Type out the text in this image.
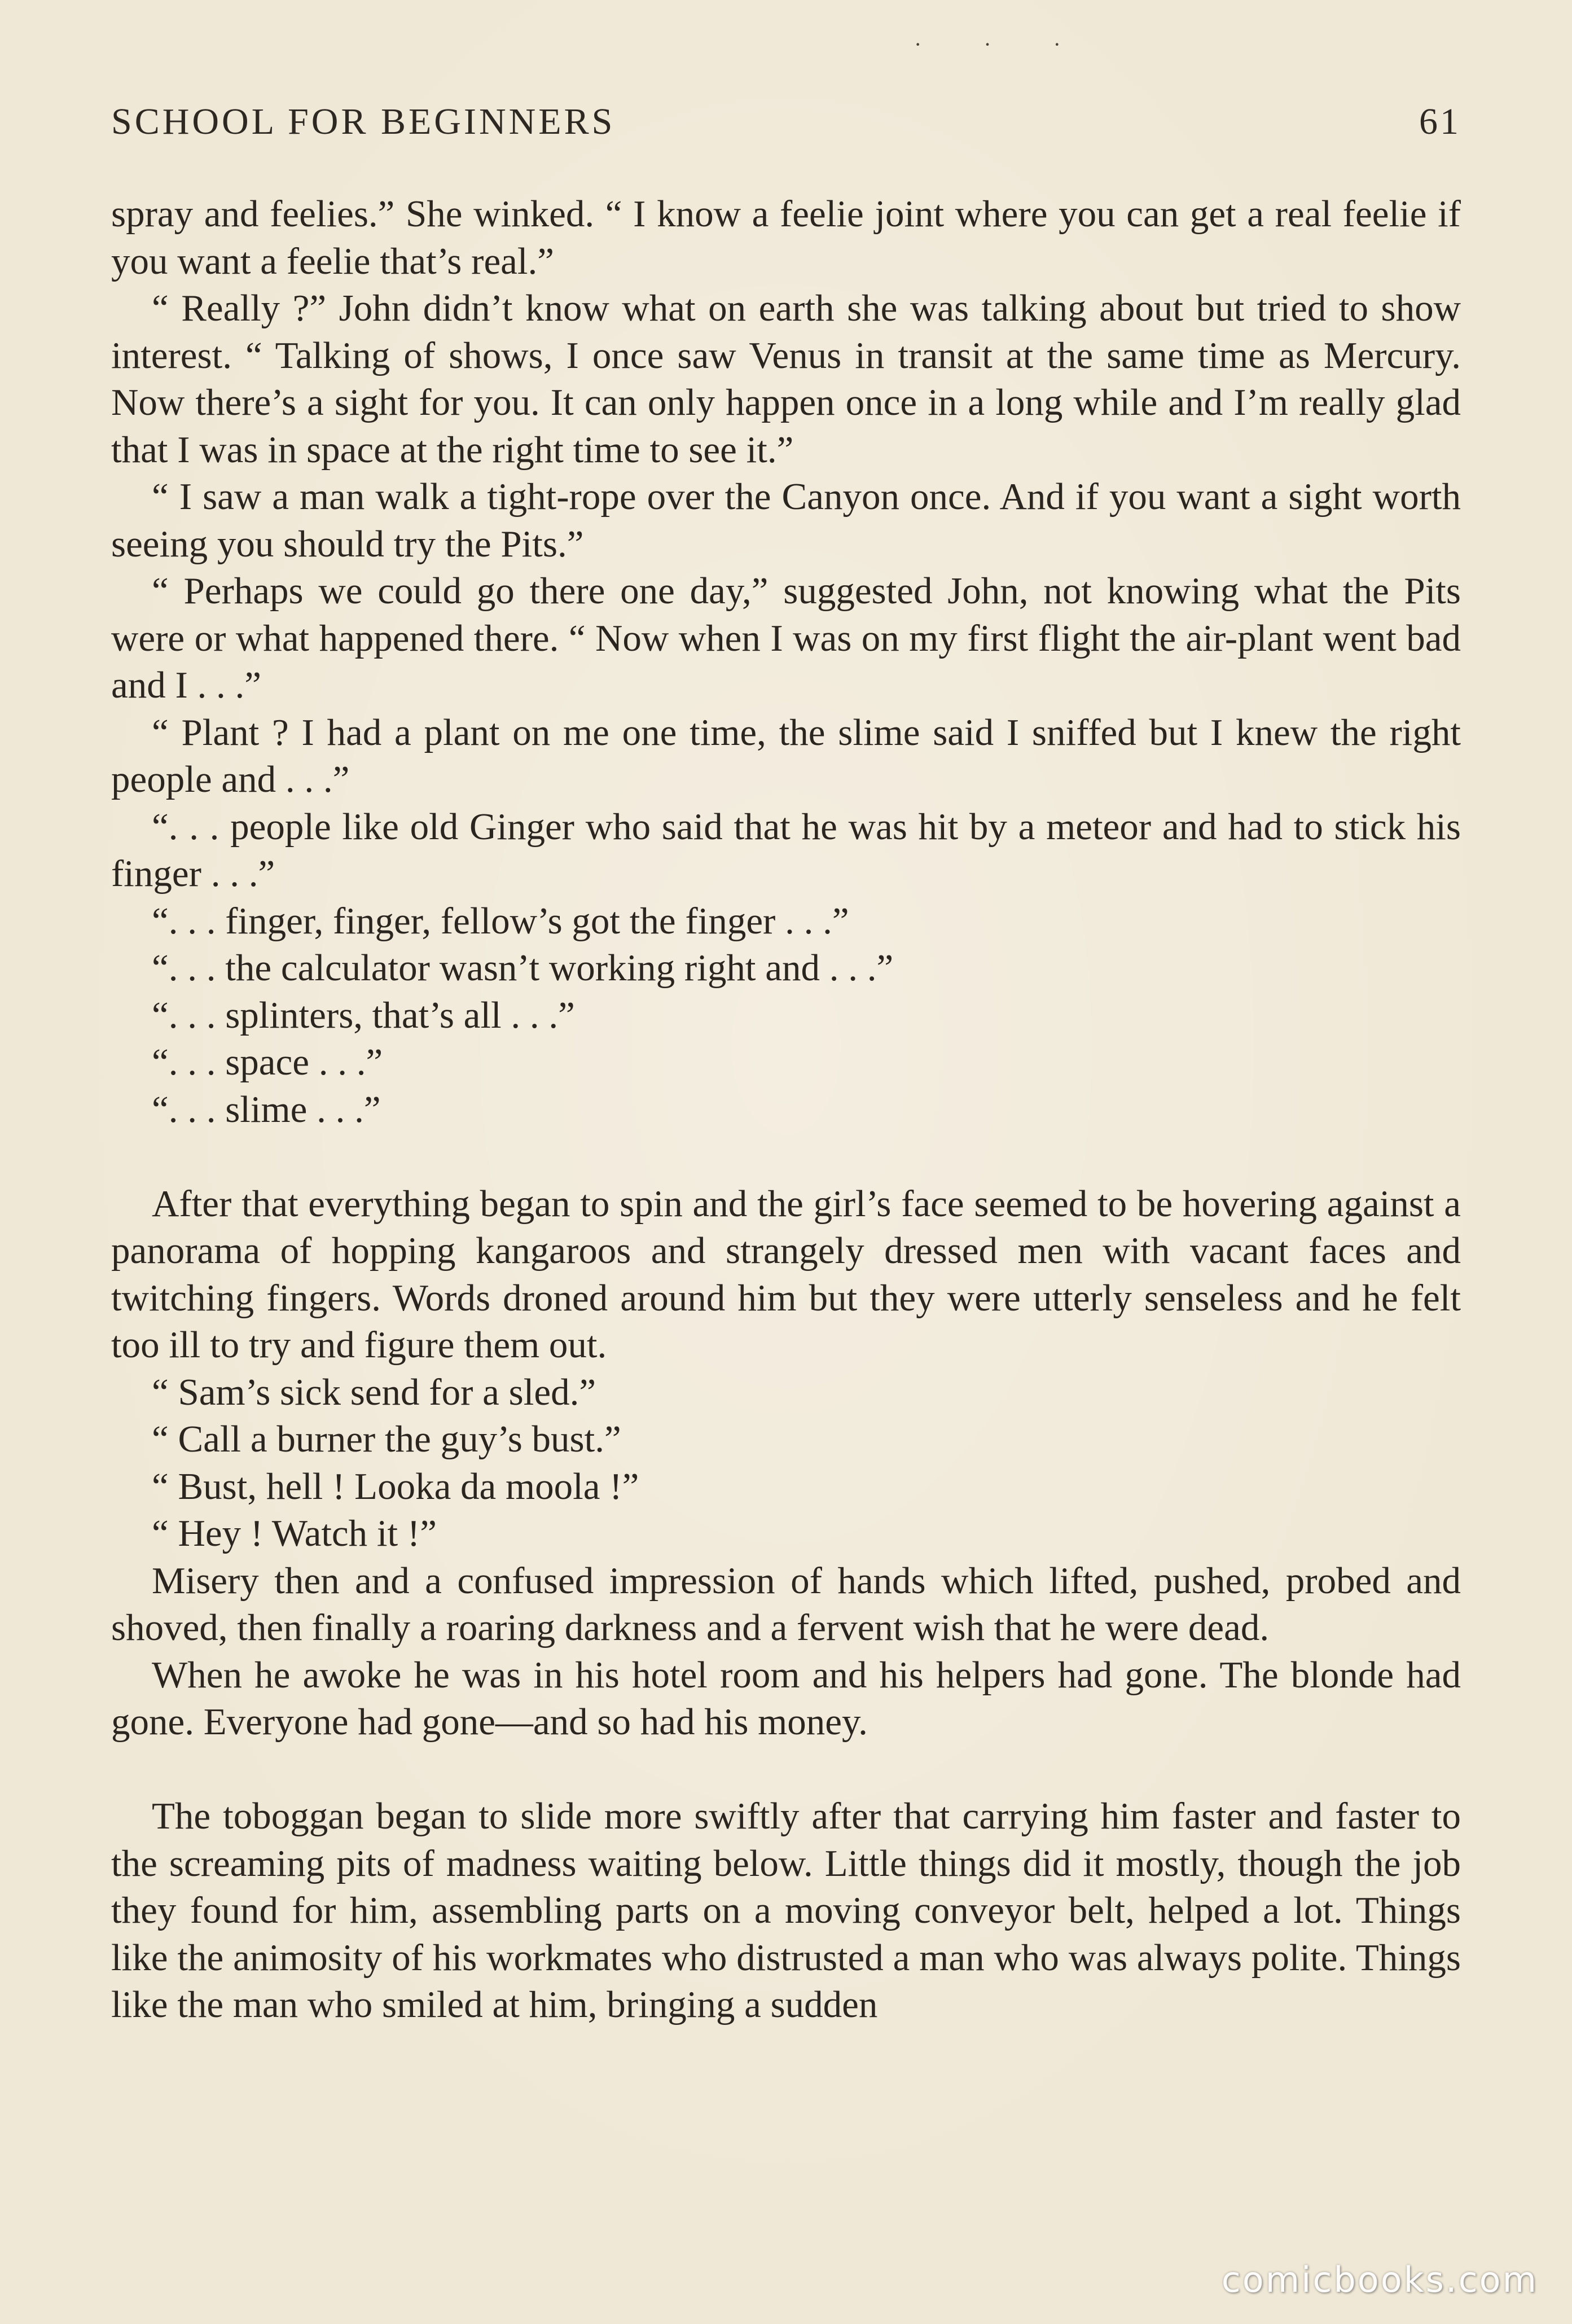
· · ·
SCHOOL FOR BEGINNERS	61

spray and feelies.” She winked. “ I know a feelie joint where you can get a real feelie if you want a feelie that’s real.”

“ Really ?” John didn’t know what on earth she was talking about but tried to show interest. “ Talking of shows, I once saw Venus in transit at the same time as Mercury. Now there’s a sight for you. It can only happen once in a long while and I’m really glad that I was in space at the right time to see it.”

“ I saw a man walk a tight-rope over the Canyon once. And if you want a sight worth seeing you should try the Pits.”

“ Perhaps we could go there one day,” suggested John, not knowing what the Pits were or what happened there. “ Now when I was on my first flight the air-plant went bad and I . . .”

“ Plant ? I had a plant on me one time, the slime said I sniffed but I knew the right people and . . .”

“. . . people like old Ginger who said that he was hit by a meteor and had to stick his finger . . .”

“. . . finger, finger, fellow’s got the finger . . .”

“. . . the calculator wasn’t working right and . . .”

“. . . splinters, that’s all . . .”

“. . . space . . .”

“. . . slime . . .”

After that everything began to spin and the girl’s face seemed to be hovering against a panorama of hopping kangaroos and strangely dressed men with vacant faces and twitching fingers. Words droned around him but they were utterly senseless and he felt too ill to try and figure them out.

“ Sam’s sick send for a sled.”

“ Call a burner the guy’s bust.”

“ Bust, hell ! Looka da moola !”

“ Hey ! Watch it !”

Misery then and a confused impression of hands which lifted, pushed, probed and shoved, then finally a roaring darkness and a fervent wish that he were dead.

When he awoke he was in his hotel room and his helpers had gone. The blonde had gone. Everyone had gone—and so had his money.

The toboggan began to slide more swiftly after that carrying him faster and faster to the screaming pits of madness waiting below. Little things did it mostly, though the job they found for him, assembling parts on a moving conveyor belt, helped a lot. Things like the animosity of his workmates who distrusted a man who was always polite. Things like the man who smiled at him, bringing a sudden

comicbooks.com
